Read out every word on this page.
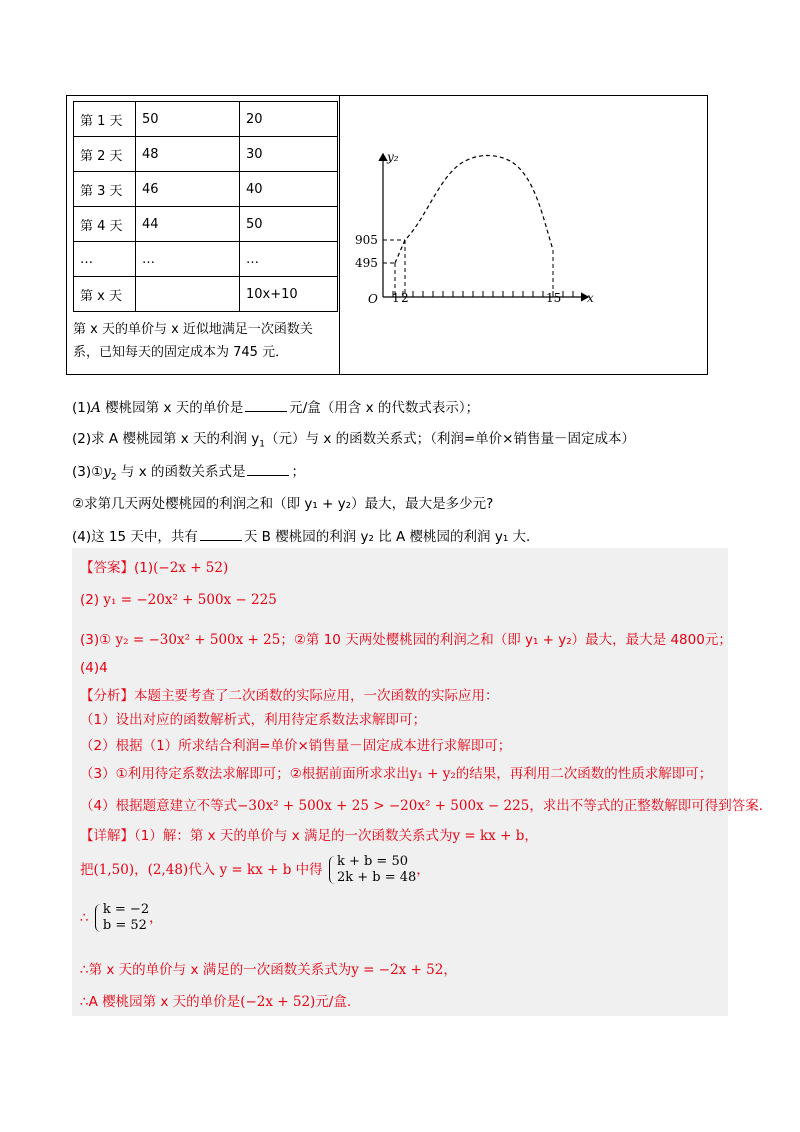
第 1 天	50	20
第 2 天	48	30
第 3 天	46	40
第 4 天	44	50
…	…	…
第 x 天		10x+10
第 x 天的单价与 x 近似地满足一次函数关系，已知每天的固定成本为 745 元．
y₂
x
O
905
495
1 2	15
(1)A 樱桃园第 x 天的单价是	元/盒（用含 x 的代数式表示）；
(2)求 A 樱桃园第 x 天的利润 $y_1$（元）与 x 的函数关系式；（利润=单价×销售量－固定成本）
$(3)①y_2$ 与 x 的函数关系式是	；
②求第几天两处樱桃园的利润之和（即 y₁ + y₂）最大，最大是多少元?
(4)这 15 天中，共有	天 B 樱桃园的利润 y₂ 比 A 樱桃园的利润 y₁ 大．
【答案】(1)(−2x + 52)
(2) y₁ = −20x² + 500x − 225
(3)① y₂ = −30x² + 500x + 25；②第 10 天两处樱桃园的利润之和（即 y₁ + y₂）最大，最大是 4800元；
(4)4
【分析】本题主要考查了二次函数的实际应用，一次函数的实际应用：
（1）设出对应的函数解析式，利用待定系数法求解即可；
（2）根据（1）所求结合利润=单价×销售量－固定成本进行求解即可；
（3）①利用待定系数法求解即可；②根据前面所求求出y₁ + y₂的结果，再利用二次函数的性质求解即可；
（4）根据题意建立不等式−30x² + 500x + 25 > −20x² + 500x − 225，求出不等式的正整数解即可得到答案．
【详解】（1）解：第 x 天的单价与 x 满足的一次函数关系式为y = kx + b，
把(1,50)，(2,48)代入 y = kx + b 中得 k + b = 50
2k + b = 48，
∴ k = −2
b = 52 ，
∴第 x 天的单价与 x 满足的一次函数关系式为y = −2x + 52，
∴A 樱桃园第 x 天的单价是(−2x + 52)元/盒.
